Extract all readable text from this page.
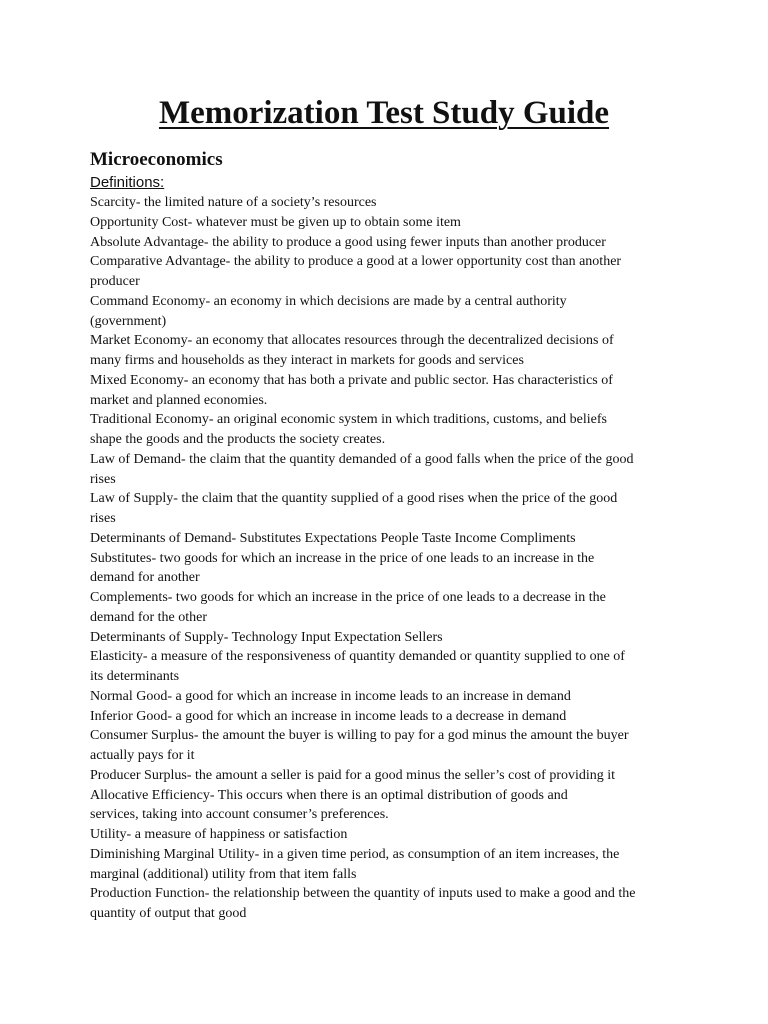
Memorization Test Study Guide
Microeconomics
Definitions:
Scarcity- the limited nature of a society’s resources
Opportunity Cost- whatever must be given up to obtain some item
Absolute Advantage- the ability to produce a good using fewer inputs than another producer
Comparative Advantage- the ability to produce a good at a lower opportunity cost than another
producer
Command Economy- an economy in which decisions are made by a central authority
(government)
Market Economy- an economy that allocates resources through the decentralized decisions of
many firms and households as they interact in markets for goods and services
Mixed Economy- an economy that has both a private and public sector. Has characteristics of
market and planned economies.
Traditional Economy- an original economic system in which traditions, customs, and beliefs
shape the goods and the products the society creates.
Law of Demand- the claim that the quantity demanded of a good falls when the price of the good
rises
Law of Supply- the claim that the quantity supplied of a good rises when the price of the good
rises
Determinants of Demand- Substitutes Expectations People Taste Income Compliments
Substitutes- two goods for which an increase in the price of one leads to an increase in the
demand for another
Complements- two goods for which an increase in the price of one leads to a decrease in the
demand for the other
Determinants of Supply- Technology Input Expectation Sellers
Elasticity- a measure of the responsiveness of quantity demanded or quantity supplied to one of
its determinants
Normal Good- a good for which an increase in income leads to an increase in demand
Inferior Good- a good for which an increase in income leads to a decrease in demand
Consumer Surplus- the amount the buyer is willing to pay for a god minus the amount the buyer
actually pays for it
Producer Surplus- the amount a seller is paid for a good minus the seller’s cost of providing it
Allocative Efficiency- This occurs when there is an optimal distribution of goods and
services, taking into account consumer’s preferences.
Utility- a measure of happiness or satisfaction
Diminishing Marginal Utility- in a given time period, as consumption of an item increases, the
marginal (additional) utility from that item falls
Production Function- the relationship between the quantity of inputs used to make a good and the
quantity of output that good
